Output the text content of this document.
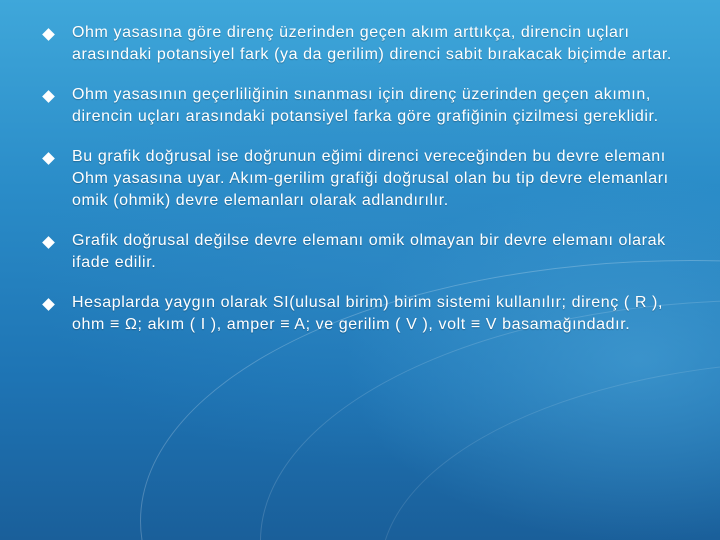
Ohm yasasına göre direnç üzerinden geçen akım arttıkça, direncin uçları arasındaki potansiyel fark (ya da gerilim) direnci sabit bırakacak biçimde artar.
Ohm yasasının geçerliliğinin sınanması için direnç üzerinden geçen akımın, direncin uçları arasındaki potansiyel farka göre grafiğinin çizilmesi gereklidir.
Bu grafik doğrusal ise doğrunun eğimi direnci vereceğinden bu devre elemanı Ohm yasasına uyar. Akım-gerilim grafiği doğrusal olan bu tip devre elemanları omik (ohmik) devre elemanları olarak adlandırılır.
Grafik doğrusal değilse devre elemanı omik olmayan bir devre elemanı olarak ifade edilir.
Hesaplarda yaygın olarak SI(ulusal birim) birim sistemi kullanılır; direnç ( R ), ohm ≡ Ω; akım ( I ), amper ≡ A; ve gerilim ( V ), volt ≡ V basamağındadır.
